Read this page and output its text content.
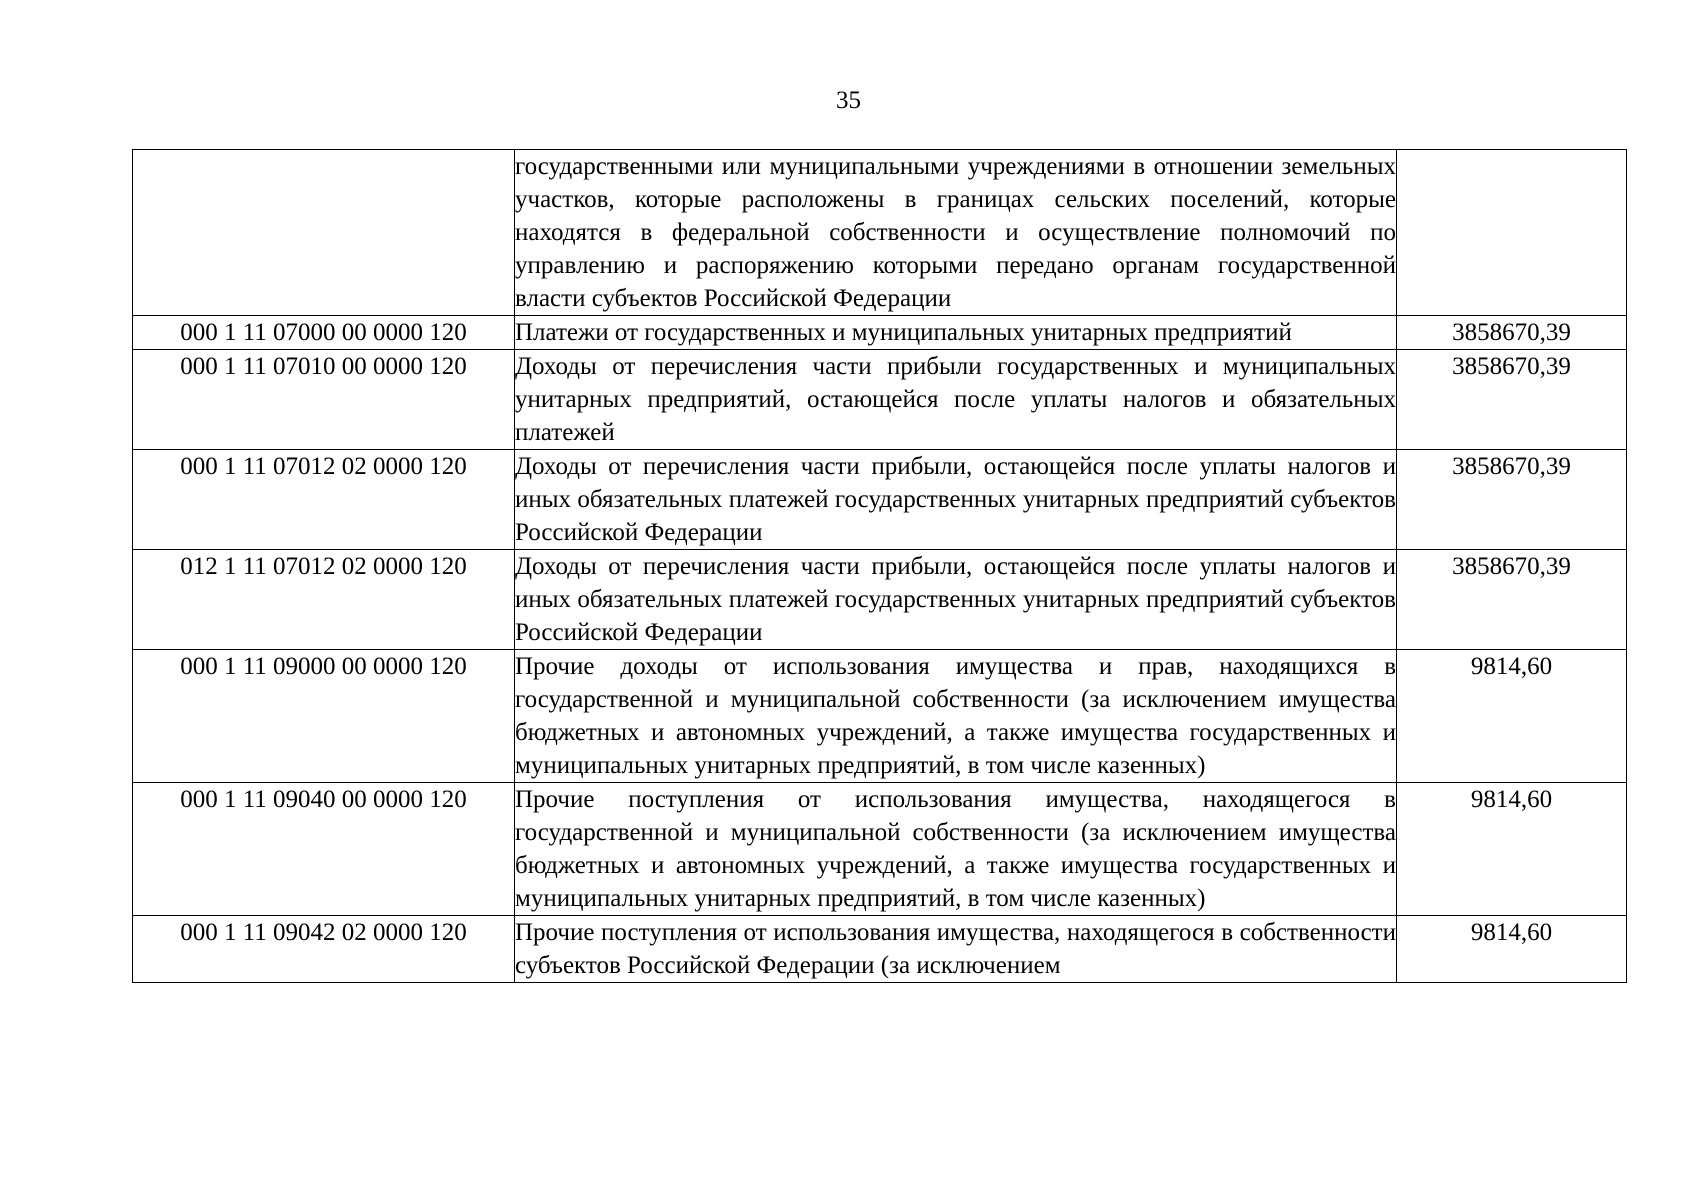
35
	государственными или муниципальными учреждениями в отношении земельных участков, которые расположены в границах сельских поселений, которые находятся в федеральной собственности и осуществление полномочий по управлению и распоряжению которыми передано органам государственной власти субъектов Российской Федерации	
000 1 11 07000 00 0000 120	Платежи от государственных и муниципальных унитарных предприятий	3858670,39
000 1 11 07010 00 0000 120	Доходы от перечисления части прибыли государственных и муниципальных унитарных предприятий, остающейся после уплаты налогов и обязательных платежей	3858670,39
000 1 11 07012 02 0000 120	Доходы от перечисления части прибыли, остающейся после уплаты налогов и иных обязательных платежей государственных унитарных предприятий субъектов Российской Федерации	3858670,39
012 1 11 07012 02 0000 120	Доходы от перечисления части прибыли, остающейся после уплаты налогов и иных обязательных платежей государственных унитарных предприятий субъектов Российской Федерации	3858670,39
000 1 11 09000 00 0000 120	Прочие доходы от использования имущества и прав, находящихся в государственной и муниципальной собственности (за исключением имущества бюджетных и автономных учреждений, а также имущества государственных и муниципальных унитарных предприятий, в том числе казенных)	9814,60
000 1 11 09040 00 0000 120	Прочие поступления от использования имущества, находящегося в государственной и муниципальной собственности (за исключением имущества бюджетных и автономных учреждений, а также имущества государственных и муниципальных унитарных предприятий, в том числе казенных)	9814,60
000 1 11 09042 02 0000 120	Прочие поступления от использования имущества, находящегося в собственности субъектов Российской Федерации (за исключением	9814,60
